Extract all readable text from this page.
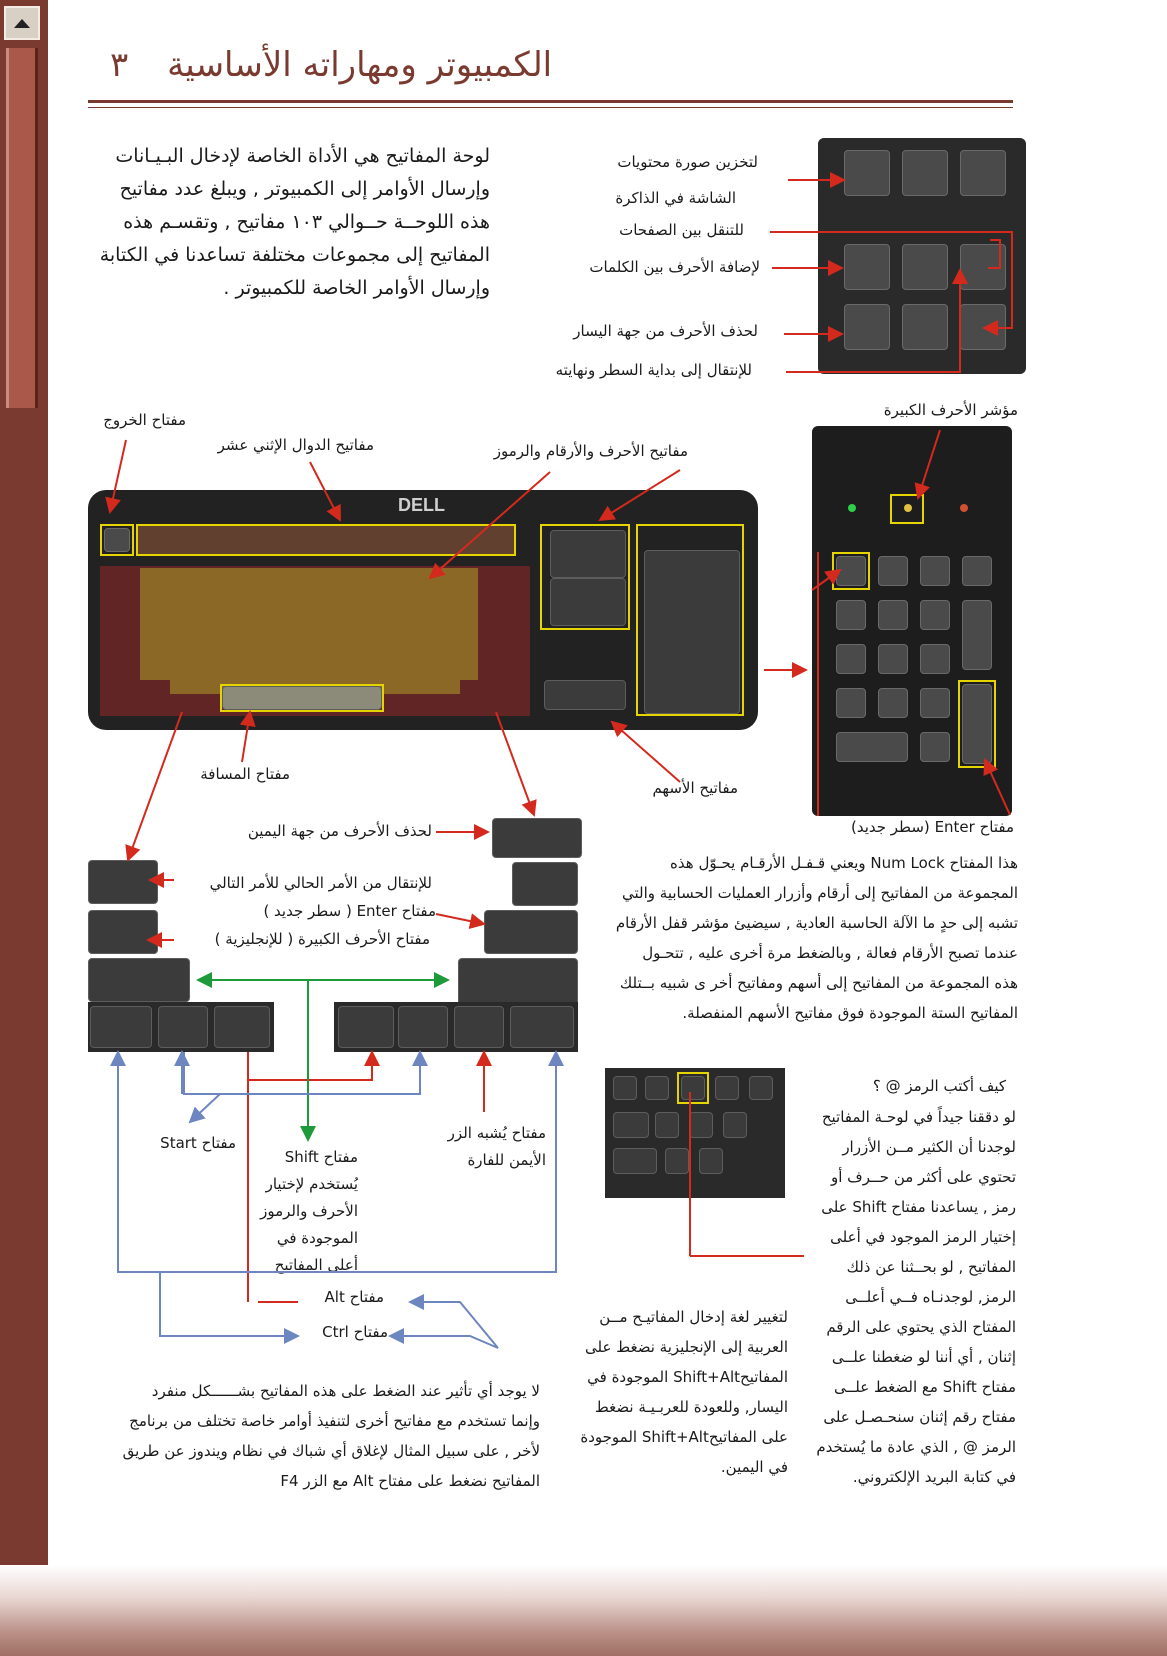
الكمبيوتر ومهاراته الأساسية ٣
لوحة المفاتيح هي الأداة الخاصة لإدخال البـيـانات
وإرسال الأوامر إلى الكمبيوتر , ويبلغ عدد مفاتيح
هذه اللوحــة حــوالي ١٠٣ مفاتيح , وتقسـم هذه
المفاتيح إلى مجموعات مختلفة تساعدنا في الكتابة
وإرسال الأوامر الخاصة للكمبيوتر .
لتخزين صورة محتويات
الشاشة في الذاكرة
للتنقل بين الصفحات
لإضافة الأحرف بين الكلمات
لحذف الأحرف من جهة اليسار
للإنتقال إلى بداية السطر ونهايته
مفتاح الخروج
مفاتيح الدوال الإثني عشر	مفاتيح الأحرف والأرقام والرموز
مؤشر الأحرف الكبيرة
DELL
مفتاح المسافة
مفاتيح الأسهم
مفتاح Enter (سطر جديد)
هذا المفتاح Num Lock ويعني قـفـل الأرقـام يحـوّل هذه
المجموعة من المفاتيح إلى أرقام وأزرار العمليات الحسابية والتي
تشبه إلى حدٍ ما الآلة الحاسبة العادية , سيضيئ مؤشر قفل الأرقام
عندما تصبح الأرقام فعالة , وبالضغط مرة أخرى عليه , تتحـول
هذه المجموعة من المفاتيح إلى أسهم ومفاتيح أخر ى شبيه بــتلك
المفاتيح الستة الموجودة فوق مفاتيح الأسهم المنفصلة.
لحذف الأحرف من جهة اليمين
للإنتقال من الأمر الحالي للأمر التالي
مفتاح Enter ( سطر جديد )
مفتاح الأحرف الكبيرة ( للإنجليزية )
مفتاح Start
مفتاح Shift
يُستخدم لإختيار
الأحرف والرموز
الموجودة في
أعلى المفاتيح
مفتاح يُشبه الزر
الأيمن للفارة
مفتاح Alt
مفتاح Ctrl
كيف أكتب الرمز @ ؟
لو دققنا جيداً في لوحـة المفاتيح
لوجدنا أن الكثير مــن الأزرار
تحتوي على أكثر من حــرف أو
رمز , يساعدنا مفتاح Shift على
إختيار الرمز الموجود في أعلى
المفاتيح , لو بحــثنا عن ذلك
الرمز, لوجدنـاه فــي أعلــى
المفتاح الذي يحتوي على الرقم
إثنان , أي أننا لو ضغطنا علــى
مفتاح Shift مع الضغط علــى
مفتاح رقم إثنان سنحـصـل على
الرمز @ , الذي عادة ما يُستخدم
في كتابة البريد الإلكتروني.
لتغيير لغة إدخال المفاتيـح مــن
العربية إلى الإنجليزية نضغط على
المفاتيحShift+Alt الموجودة في
اليسار, وللعودة للعربـيـة نضغط
على المفاتيحShift+Alt الموجودة
في اليمين.
لا يوجد أي تأثير عند الضغط على هذه المفاتيح بشــــــكل منفرد
وإنما تستخدم مع مفاتيح أخرى لتنفيذ أوامر خاصة تختلف من برنامج
لأخر , على سبيل المثال لإغلاق أي شباك في نظام ويندوز عن طريق
المفاتيح نضغط على مفتاح Alt مع الزر F4
